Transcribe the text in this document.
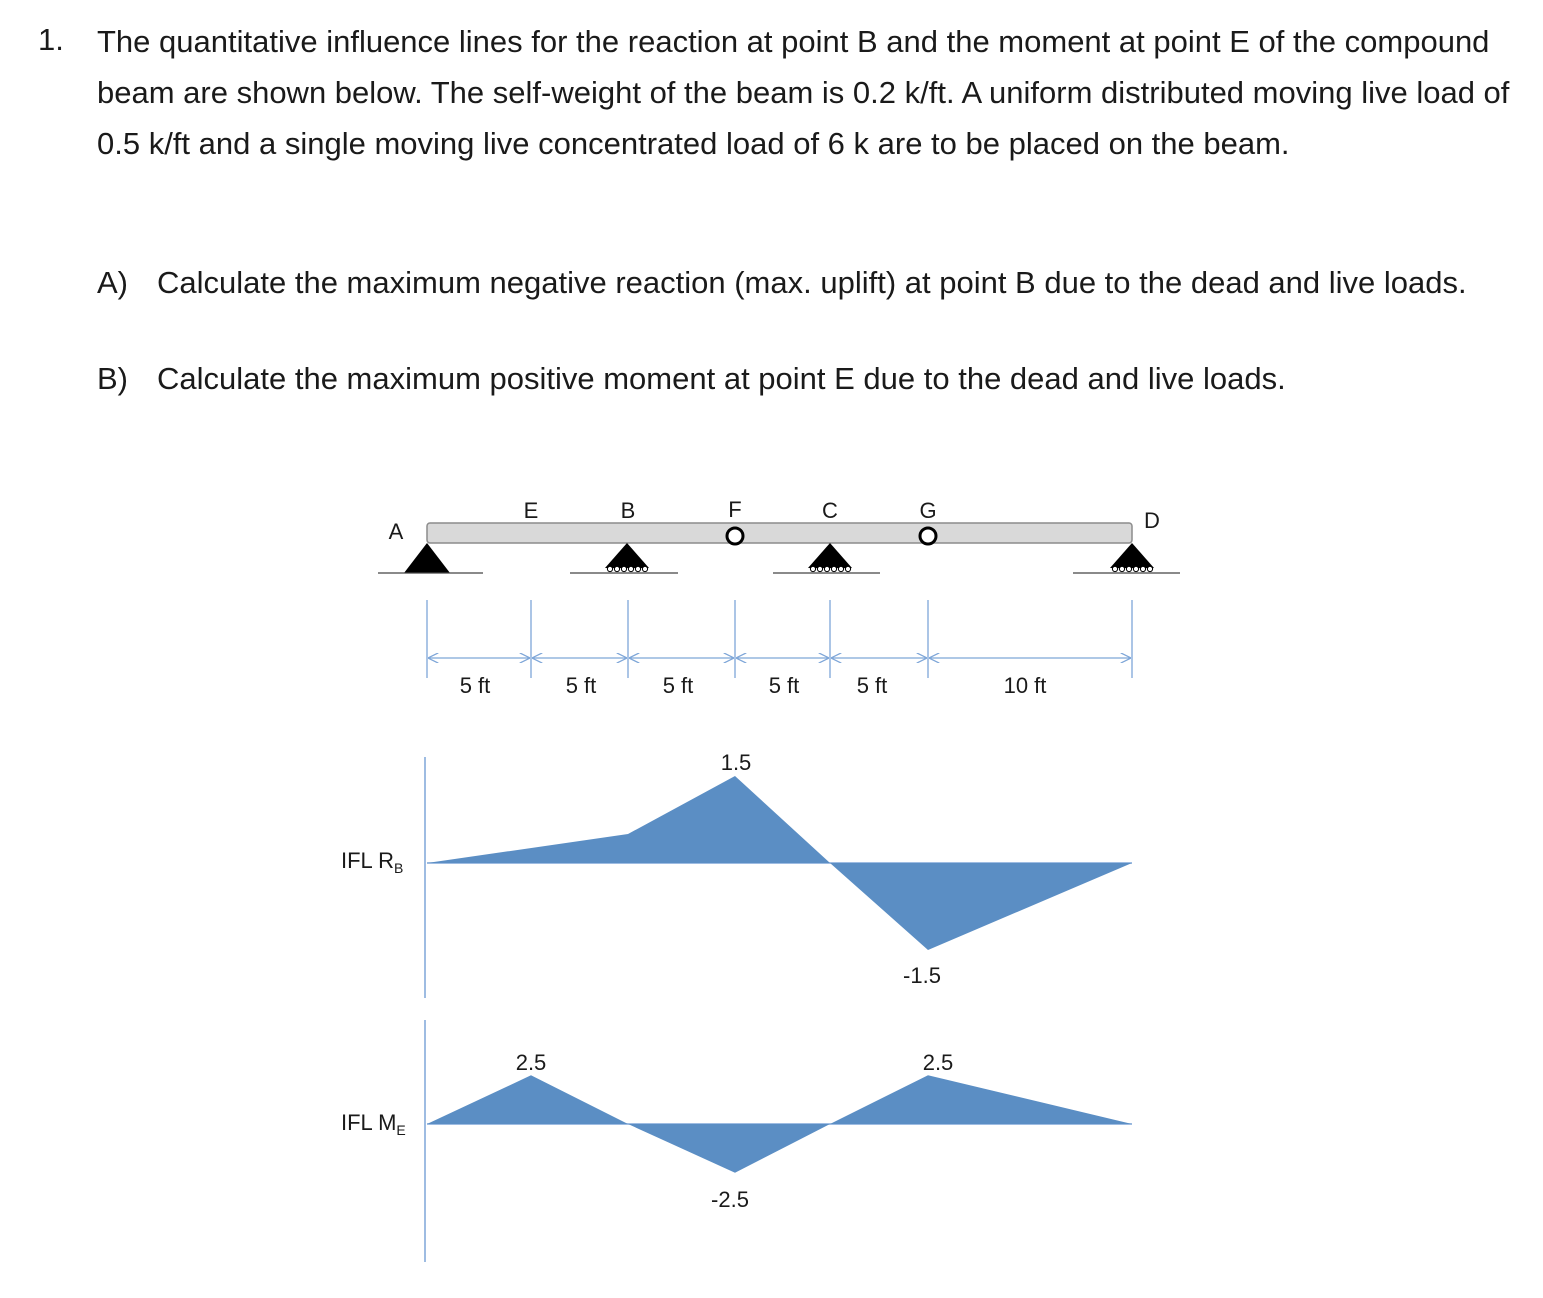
1. The quantitative influence lines for the reaction at point B and the moment at point E of the compound beam are shown below. The self-weight of the beam is 0.2 k/ft. A uniform distributed moving live load of 0.5 k/ft and a single moving live concentrated load of 6 k are to be placed on the beam.
A) Calculate the maximum negative reaction (max. uplift) at point B due to the dead and live loads.
B) Calculate the maximum positive moment at point E due to the dead and live loads.
A
E	B	F	C	G	D
5 ft	5 ft	5 ft	5 ft	5 ft	10 ft
IFL $R_B$
1.5
-1.5
IFL $M_E$
2.5
-2.5
2.5
